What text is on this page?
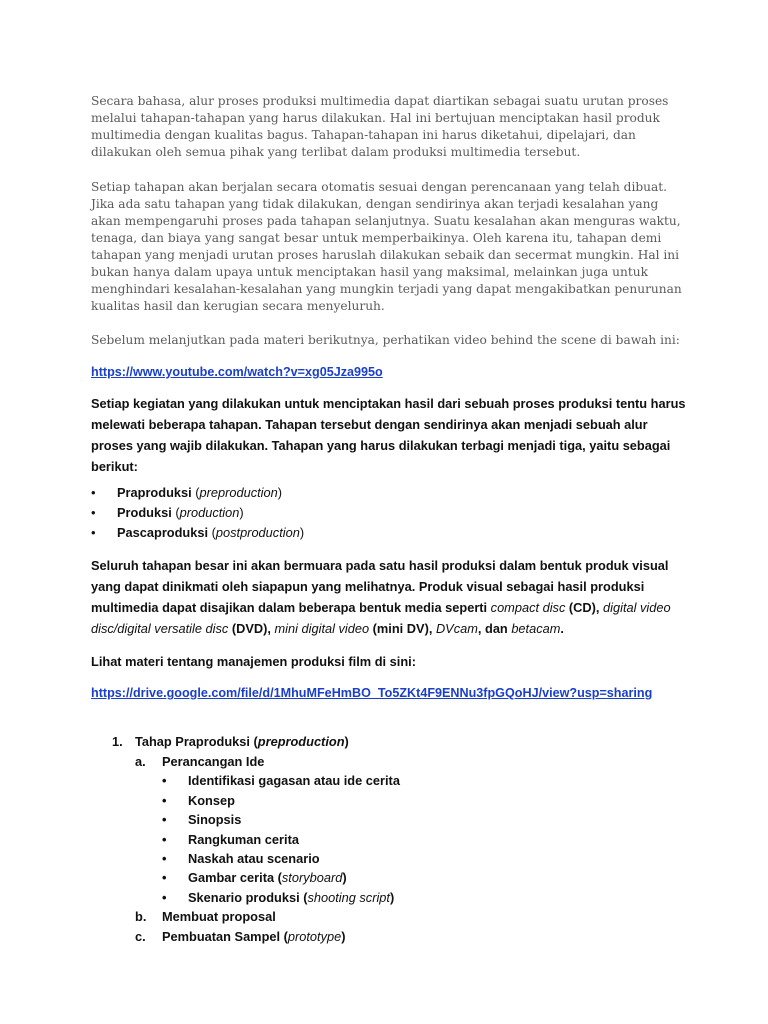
Secara bahasa, alur proses produksi multimedia dapat diartikan sebagai suatu urutan proses melalui tahapan-tahapan yang harus dilakukan. Hal ini bertujuan menciptakan hasil produk multimedia dengan kualitas bagus. Tahapan-tahapan ini harus diketahui, dipelajari, dan dilakukan oleh semua pihak yang terlibat dalam produksi multimedia tersebut.

Setiap tahapan akan berjalan secara otomatis sesuai dengan perencanaan yang telah dibuat. Jika ada satu tahapan yang tidak dilakukan, dengan sendirinya akan terjadi kesalahan yang akan mempengaruhi proses pada tahapan selanjutnya. Suatu kesalahan akan menguras waktu, tenaga, dan biaya yang sangat besar untuk memperbaikinya. Oleh karena itu, tahapan demi tahapan yang menjadi urutan proses haruslah dilakukan sebaik dan secermat mungkin. Hal ini bukan hanya dalam upaya untuk menciptakan hasil yang maksimal, melainkan juga untuk menghindari kesalahan-kesalahan yang mungkin terjadi yang dapat mengakibatkan penurunan kualitas hasil dan kerugian secara menyeluruh.

Sebelum melanjutkan pada materi berikutnya, perhatikan video behind the scene di bawah ini:

https://www.youtube.com/watch?v=xg05Jza995o

Setiap kegiatan yang dilakukan untuk menciptakan hasil dari sebuah proses produksi tentu harus melewati beberapa tahapan. Tahapan tersebut dengan sendirinya akan menjadi sebuah alur proses yang wajib dilakukan. Tahapan yang harus dilakukan terbagi menjadi tiga, yaitu sebagai berikut:

• Praproduksi (preproduction)
• Produksi (production)
• Pascaproduksi (postproduction)

Seluruh tahapan besar ini akan bermuara pada satu hasil produksi dalam bentuk produk visual yang dapat dinikmati oleh siapapun yang melihatnya. Produk visual sebagai hasil produksi multimedia dapat disajikan dalam beberapa bentuk media seperti compact disc (CD), digital video disc/digital versatile disc (DVD), mini digital video (mini DV), DVcam, dan betacam.

Lihat materi tentang manajemen produksi film di sini:

https://drive.google.com/file/d/1MhuMFeHmBO_To5ZKt4F9ENNu3fpGQoHJ/view?usp=sharing

1. Tahap Praproduksi (preproduction)
a. Perancangan Ide
• Identifikasi gagasan atau ide cerita
• Konsep
• Sinopsis
• Rangkuman cerita
• Naskah atau scenario
• Gambar cerita (storyboard)
• Skenario produksi (shooting script)
b. Membuat proposal
c. Pembuatan Sampel (prototype)
